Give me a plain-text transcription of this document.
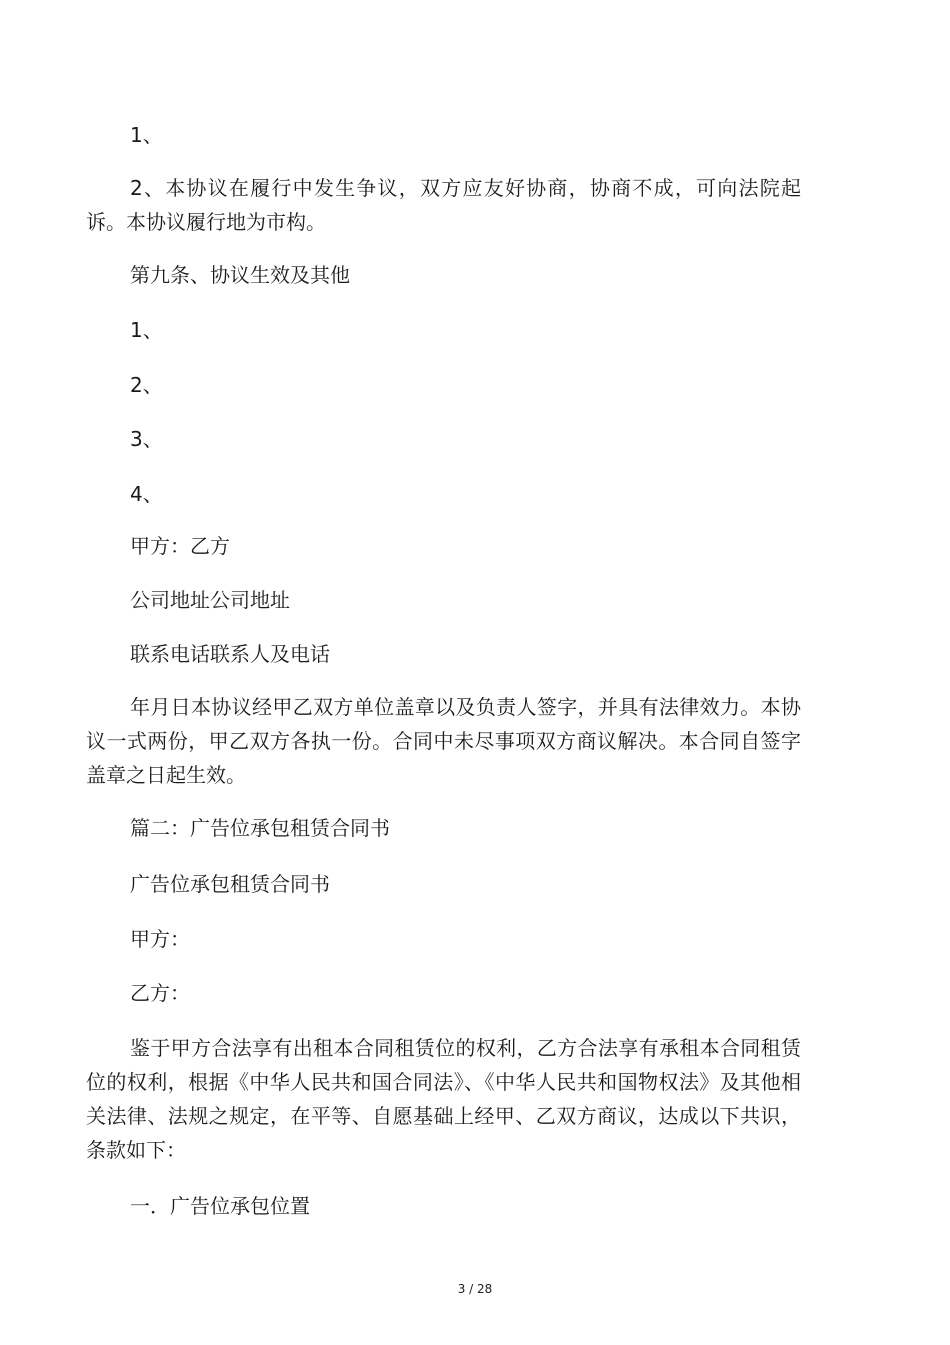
1、

2、本协议在履行中发生争议，双方应友好协商，协商不成，可向法院起诉。本协议履行地为市构。

第九条、协议生效及其他

1、

2、

3、

4、

甲方：乙方

公司地址公司地址

联系电话联系人及电话

年月日本协议经甲乙双方单位盖章以及负责人签字，并具有法律效力。本协议一式两份，甲乙双方各执一份。合同中未尽事项双方商议解决。本合同自签字盖章之日起生效。

篇二：广告位承包租赁合同书

广告位承包租赁合同书

甲方：

乙方：

鉴于甲方合法享有出租本合同租赁位的权利，乙方合法享有承租本合同租赁位的权利，根据《中华人民共和国合同法》、《中华人民共和国物权法》及其他相关法律、法规之规定，在平等、自愿基础上经甲、乙双方商议，达成以下共识，条款如下：

一．广告位承包位置

3 / 28
